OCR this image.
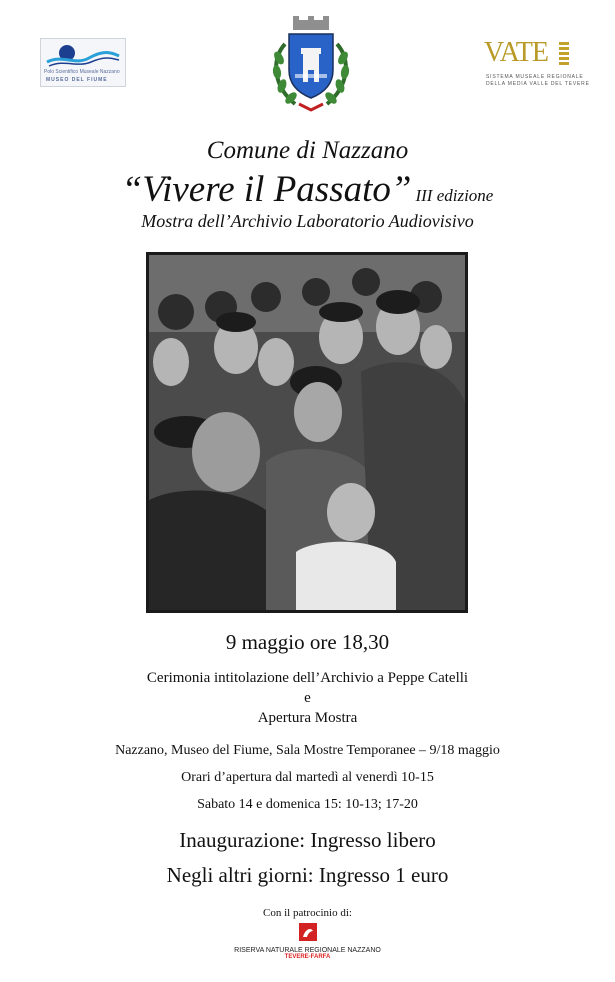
Polo Scientifico Museale Nazzano
MUSEO DEL FIUME
VATE
SISTEMA MUSEALE REGIONALE
DELLA MEDIA VALLE DEL TEVERE
Comune di Nazzano
“Vivere il Passato” III edizione
Mostra dell’Archivio Laboratorio Audiovisivo
9 maggio ore 18,30
Cerimonia intitolazione dell’Archivio a Peppe Catelli
e
Apertura Mostra
Nazzano, Museo del Fiume, Sala Mostre Temporanee – 9/18 maggio
Orari d’apertura dal martedì al venerdì 10-15
Sabato 14 e domenica 15: 10-13; 17-20
Inaugurazione: Ingresso libero
Negli altri giorni: Ingresso 1 euro
Con il patrocinio di:
RISERVA NATURALE REGIONALE NAZZANO
TEVERE-FARFA
